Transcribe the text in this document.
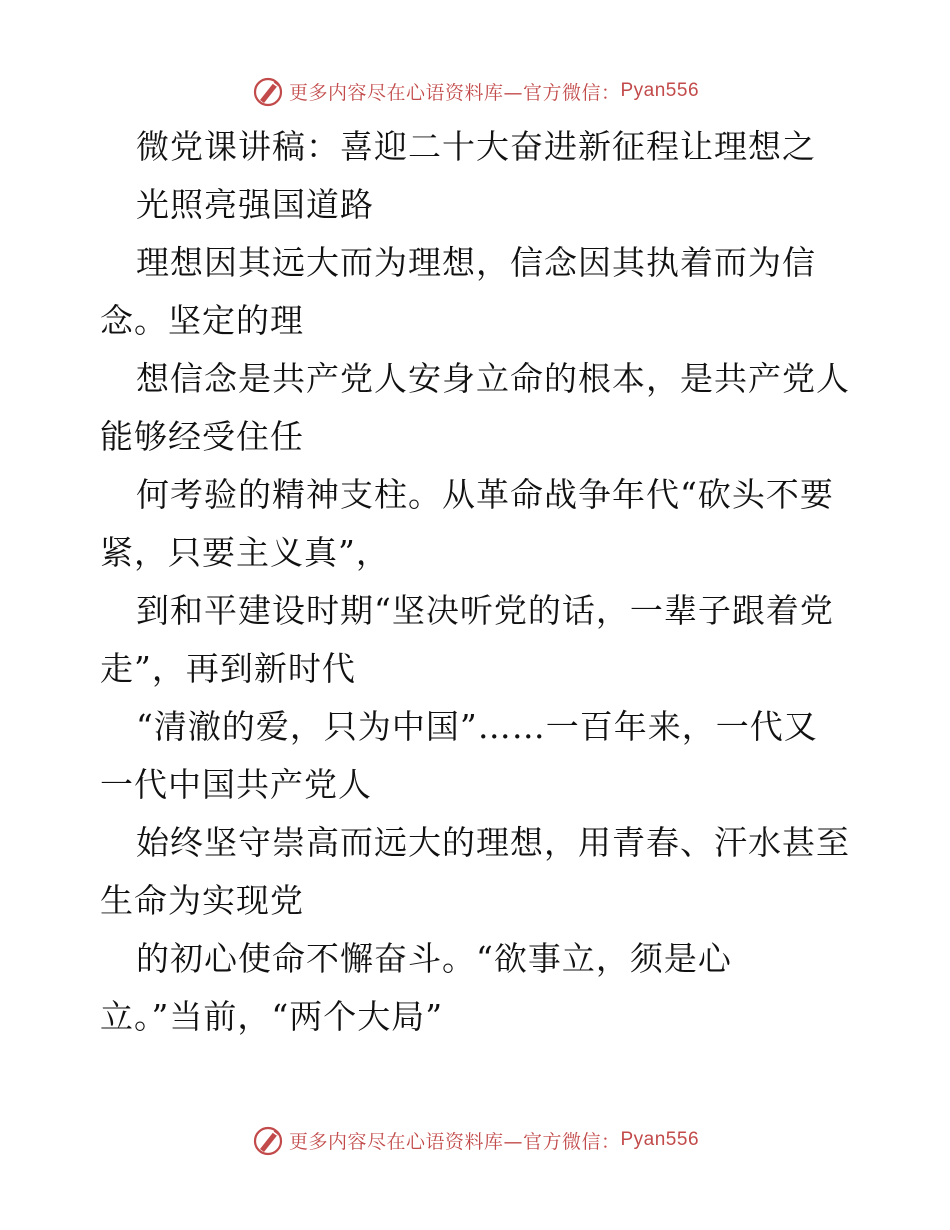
更多内容尽在心语资料库—官方微信： Pyan556
微党课讲稿：喜迎二十大奋进新征程让理想之
光照亮强国道路
理想因其远大而为理想，信念因其执着而为信
念。坚定的理
想信念是共产党人安身立命的根本，是共产党人
能够经受住任
何考验的精神支柱。从革命战争年代“砍头不要
紧，只要主义真”，
到和平建设时期“坚决听党的话，一辈子跟着党
走”，再到新时代
“清澈的爱，只为中国”……一百年来，一代又
一代中国共产党人
始终坚守崇高而远大的理想，用青春、汗水甚至
生命为实现党
的初心使命不懈奋斗。“欲事立，须是心
立。”当前，“两个大局”
更多内容尽在心语资料库—官方微信： Pyan556
